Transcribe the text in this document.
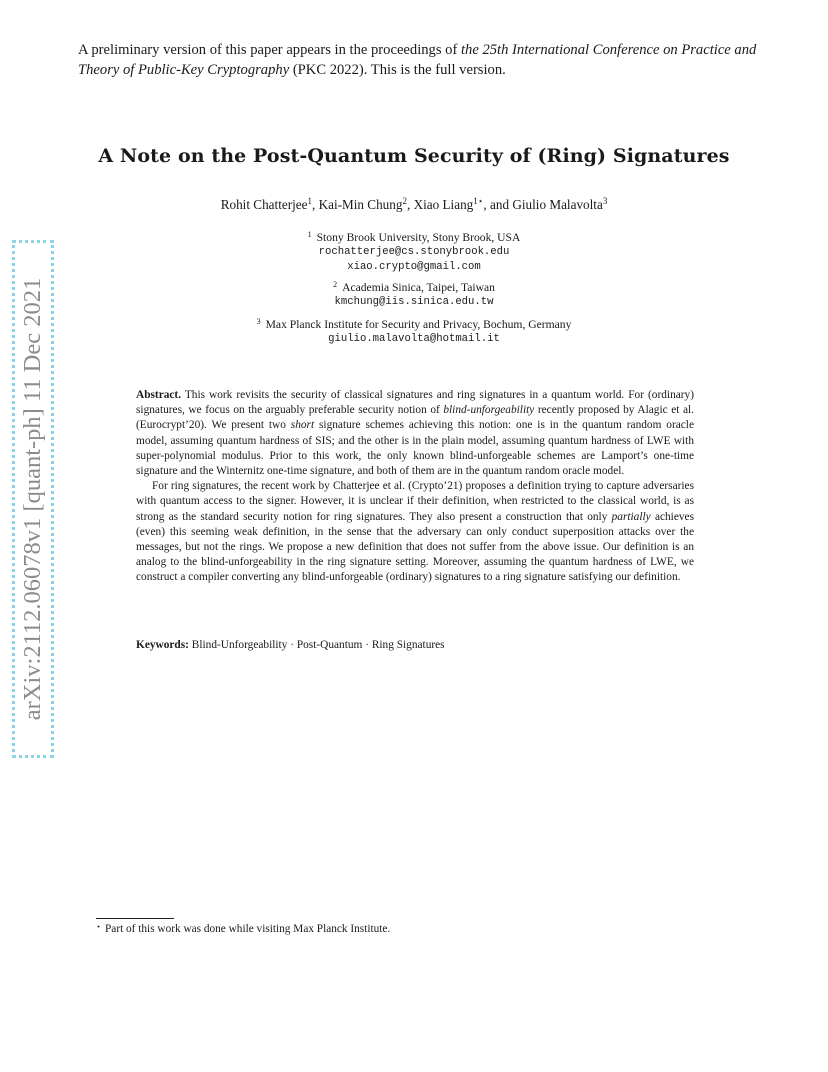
A preliminary version of this paper appears in the proceedings of the 25th International Conference on Practice and Theory of Public-Key Cryptography (PKC 2022). This is the full version.
A Note on the Post-Quantum Security of (Ring) Signatures
Rohit Chatterjee$^1$, Kai-Min Chung$^2$, Xiao Liang$^{1⋆}$, and Giulio Malavolta$^3$
$^1$ Stony Brook University, Stony Brook, USA
rochatterjee@cs.stonybrook.edu
xiao.crypto@gmail.com
$^2$ Academia Sinica, Taipei, Taiwan
kmchung@iis.sinica.edu.tw
$^3$ Max Planck Institute for Security and Privacy, Bochum, Germany
giulio.malavolta@hotmail.it

Abstract. This work revisits the security of classical signatures and ring signatures in a quantum world. For (ordinary) signatures, we focus on the arguably preferable security notion of blind-unforgeability recently proposed by Alagic et al. (Eurocrypt’20). We present two short signature schemes achieving this notion: one is in the quantum random oracle model, assuming quantum hardness of SIS; and the other is in the plain model, assuming quantum hardness of LWE with super-polynomial modulus. Prior to this work, the only known blind-unforgeable schemes are Lamport’s one-time signature and the Winternitz one-time signature, and both of them are in the quantum random oracle model.

For ring signatures, the recent work by Chatterjee et al. (Crypto’21) proposes a definition trying to capture adversaries with quantum access to the signer. However, it is unclear if their definition, when restricted to the classical world, is as strong as the standard security notion for ring signatures. They also present a construction that only partially achieves (even) this seeming weak definition, in the sense that the adversary can only conduct superposition attacks over the messages, but not the rings. We propose a new definition that does not suffer from the above issue. Our definition is an analog to the blind-unforgeability in the ring signature setting. Moreover, assuming the quantum hardness of LWE, we construct a compiler converting any blind-unforgeable (ordinary) signatures to a ring signature satisfying our definition.

Keywords: Blind-Unforgeability · Post-Quantum · Ring Signatures
arXiv:2112.06078v1 [quant-ph] 11 Dec 2021
⋆ Part of this work was done while visiting Max Planck Institute.
